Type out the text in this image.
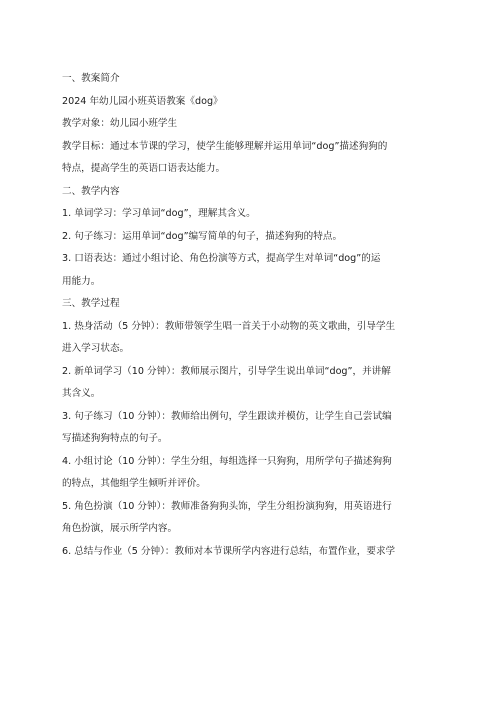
一、教案简介
2024 年幼儿园小班英语教案《dog》
教学对象：幼儿园小班学生
教学目标：通过本节课的学习，使学生能够理解并运用单词“dog”描述狗狗的
特点，提高学生的英语口语表达能力。
二、教学内容
1. 单词学习：学习单词“dog”，理解其含义。
2. 句子练习：运用单词“dog”编写简单的句子，描述狗狗的特点。
3. 口语表达：通过小组讨论、角色扮演等方式，提高学生对单词“dog”的运
用能力。
三、教学过程
1. 热身活动（5 分钟）：教师带领学生唱一首关于小动物的英文歌曲，引导学生
进入学习状态。
2. 新单词学习（10 分钟）：教师展示图片，引导学生说出单词“dog”，并讲解
其含义。
3. 句子练习（10 分钟）：教师给出例句，学生跟读并模仿，让学生自己尝试编
写描述狗狗特点的句子。
4. 小组讨论（10 分钟）：学生分组，每组选择一只狗狗，用所学句子描述狗狗
的特点，其他组学生倾听并评价。
5. 角色扮演（10 分钟）：教师准备狗狗头饰，学生分组扮演狗狗，用英语进行
角色扮演，展示所学内容。
6. 总结与作业（5 分钟）：教师对本节课所学内容进行总结，布置作业，要求学
